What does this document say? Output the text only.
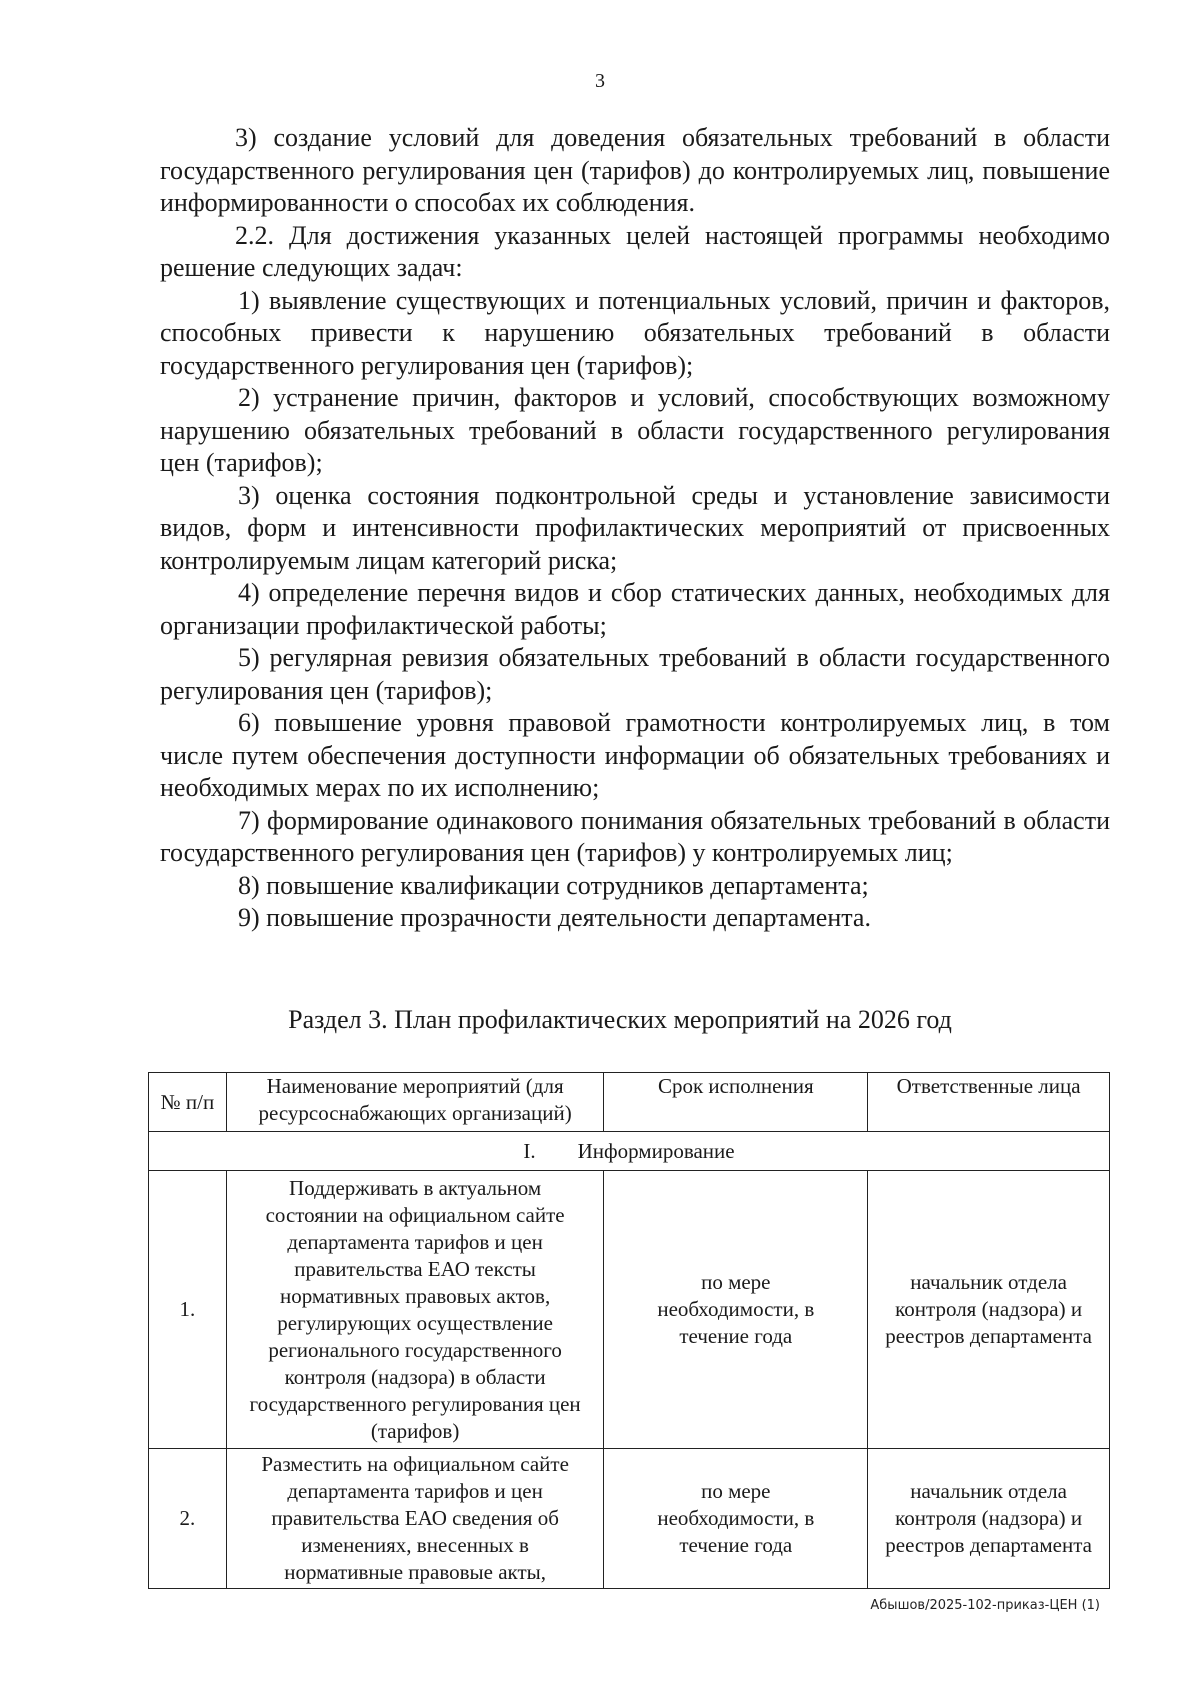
3

3) создание условий для доведения обязательных требований в области государственного регулирования цен (тарифов) до контролируемых лиц, повышение информированности о способах их соблюдения.

2.2. Для достижения указанных целей настоящей программы необходимо решение следующих задач:

1) выявление существующих и потенциальных условий, причин и факторов, способных привести к нарушению обязательных требований в области государственного регулирования цен (тарифов);

2) устранение причин, факторов и условий, способствующих возможному нарушению обязательных требований в области государственного регулирования цен (тарифов);

3) оценка состояния подконтрольной среды и установление зависимости видов, форм и интенсивности профилактических мероприятий от присвоенных контролируемым лицам категорий риска;

4) определение перечня видов и сбор статических данных, необходимых для организации профилактической работы;

5) регулярная ревизия обязательных требований в области государственного регулирования цен (тарифов);

6) повышение уровня правовой грамотности контролируемых лиц, в том числе путем обеспечения доступности информации об обязательных требованиях и необходимых мерах по их исполнению;

7) формирование одинакового понимания обязательных требований в области государственного регулирования цен (тарифов) у контролируемых лиц;

8) повышение квалификации сотрудников департамента;

9) повышение прозрачности деятельности департамента.

Раздел 3. План профилактических мероприятий на 2026 год
№ п/п	Наименование мероприятий (для ресурсоснабжающих организаций)	Срок исполнения	Ответственные лица
I.        Информирование			
1.	Поддерживать в актуальном состоянии на официальном сайте департамента тарифов и цен правительства ЕАО тексты нормативных правовых актов, регулирующих осуществление регионального государственного контроля (надзора) в области государственного регулирования цен (тарифов)	по мере необходимости, в течение года	начальник отдела контроля (надзора) и реестров департамента
2.	Разместить на официальном сайте департамента тарифов и цен правительства ЕАО сведения об изменениях, внесенных в нормативные правовые акты,	по мере необходимости, в течение года	начальник отдела контроля (надзора) и реестров департамента
Абышов/2025-102-приказ-ЦЕН (1)
